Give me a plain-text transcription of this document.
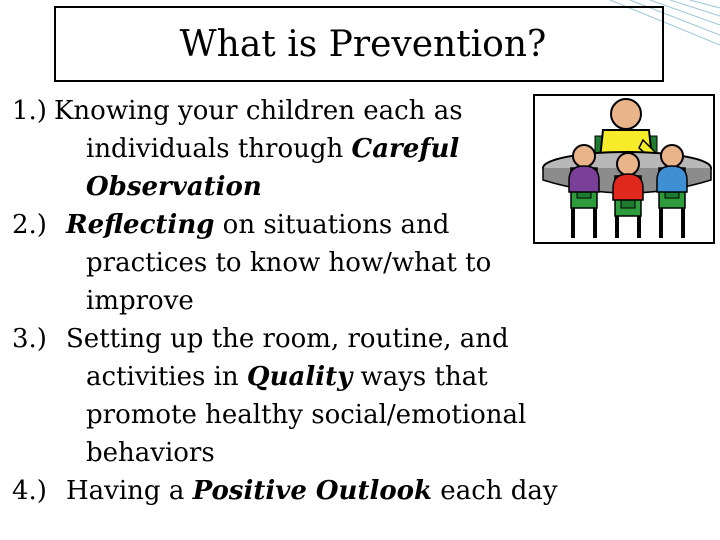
What is Prevention?
1.) Knowing your children each as
individuals through Careful
Observation
2.) Reflecting on situations and
practices to know how/what to
improve
3.) Setting up the room, routine, and
activities in Quality ways that
promote healthy social/emotional
behaviors
4.) Having a Positive Outlook each day
